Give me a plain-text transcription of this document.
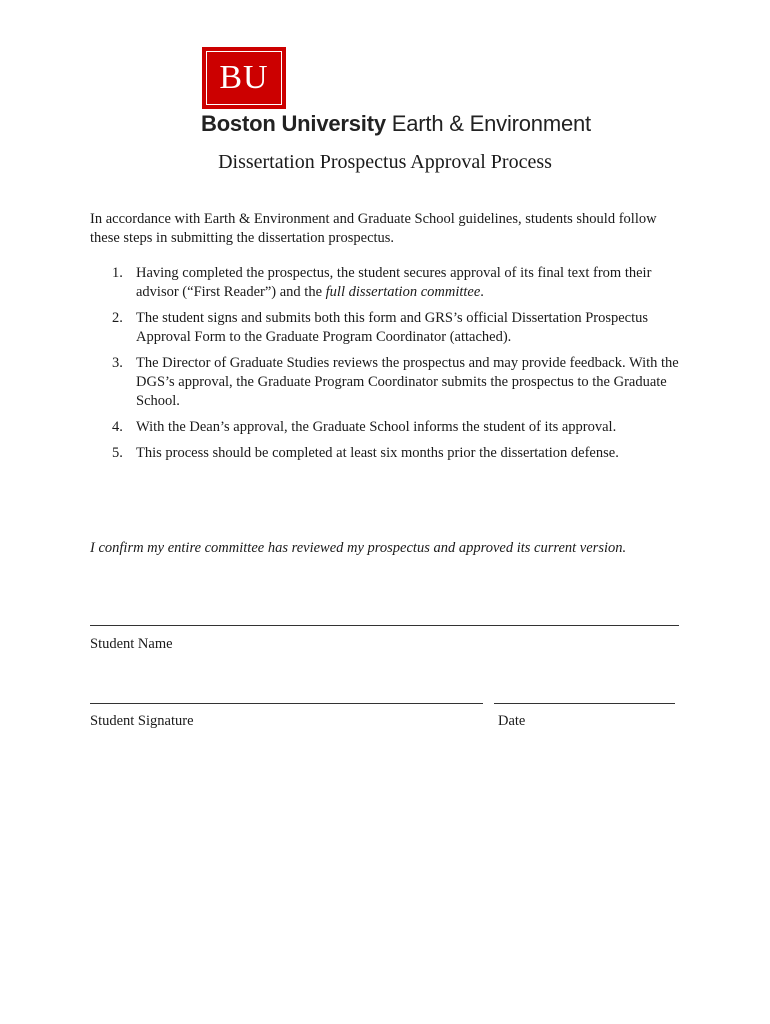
BU
Boston University Earth & Environment
Dissertation Prospectus Approval Process
In accordance with Earth & Environment and Graduate School guidelines, students should follow these steps in submitting the dissertation prospectus.
1. Having completed the prospectus, the student secures approval of its final text from their advisor (“First Reader”) and the full dissertation committee.
2. The student signs and submits both this form and GRS’s official Dissertation Prospectus Approval Form to the Graduate Program Coordinator (attached).
3. The Director of Graduate Studies reviews the prospectus and may provide feedback. With the DGS’s approval, the Graduate Program Coordinator submits the prospectus to the Graduate School.
4. With the Dean’s approval, the Graduate School informs the student of its approval.
5. This process should be completed at least six months prior the dissertation defense.
I confirm my entire committee has reviewed my prospectus and approved its current version.
Student Name
Student Signature	Date
